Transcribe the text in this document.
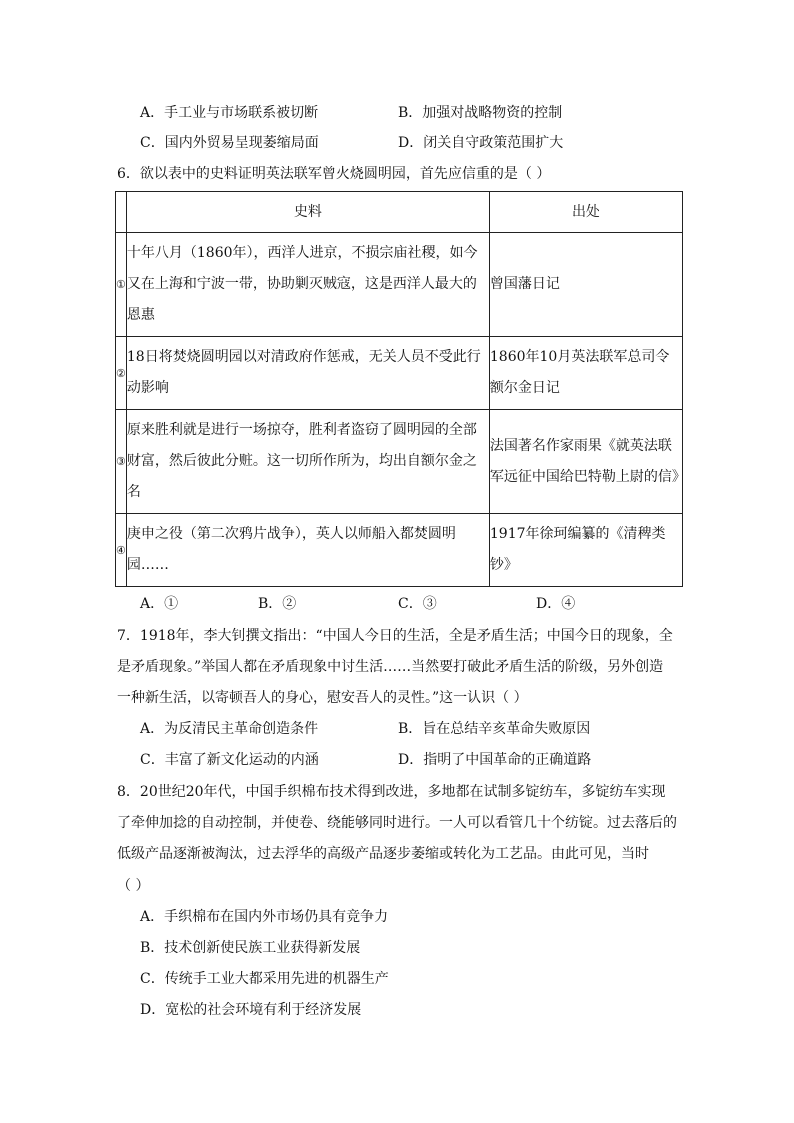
A．手工业与市场联系被切断	B．加强对战略物资的控制
C．国内外贸易呈现萎缩局面	D．闭关自守政策范围扩大
6．欲以表中的史料证明英法联军曾火烧圆明园，首先应信重的是（ ）
	史料	出处
①	十年八月（1860年），西洋人进京，不损宗庙社稷，如今又在上海和宁波一带，协助剿灭贼寇，这是西洋人最大的恩惠	曾国藩日记
②	18日将焚烧圆明园以对清政府作惩戒，无关人员不受此行动影响	1860年10月英法联军总司令额尔金日记
③	原来胜利就是进行一场掠夺，胜利者盗窃了圆明园的全部财富，然后彼此分赃。这一切所作所为，均出自额尔金之名	法国著名作家雨果《就英法联军远征中国给巴特勒上尉的信》
④	庚申之役（第二次鸦片战争），英人以师船入都焚圆明园……	1917年徐珂编纂的《清稗类钞》
A．①	B．②	C．③	D．④
7．1918年，李大钊撰文指出：“中国人今日的生活，全是矛盾生活；中国今日的现象，全
是矛盾现象。”举国人都在矛盾现象中讨生活……当然要打破此矛盾生活的阶级，另外创造
一种新生活，以寄顿吾人的身心，慰安吾人的灵性。”这一认识（ ）
A．为反清民主革命创造条件	B．旨在总结辛亥革命失败原因
C．丰富了新文化运动的内涵	D．指明了中国革命的正确道路
8．20世纪20年代，中国手织棉布技术得到改进，多地都在试制多锭纺车，多锭纺车实现
了牵伸加捻的自动控制，并使卷、绕能够同时进行。一人可以看管几十个纺锭。过去落后的
低级产品逐渐被淘汰，过去浮华的高级产品逐步萎缩或转化为工艺品。由此可见，当时
（ ）
A．手织棉布在国内外市场仍具有竞争力
B．技术创新使民族工业获得新发展
C．传统手工业大都采用先进的机器生产
D．宽松的社会环境有利于经济发展
